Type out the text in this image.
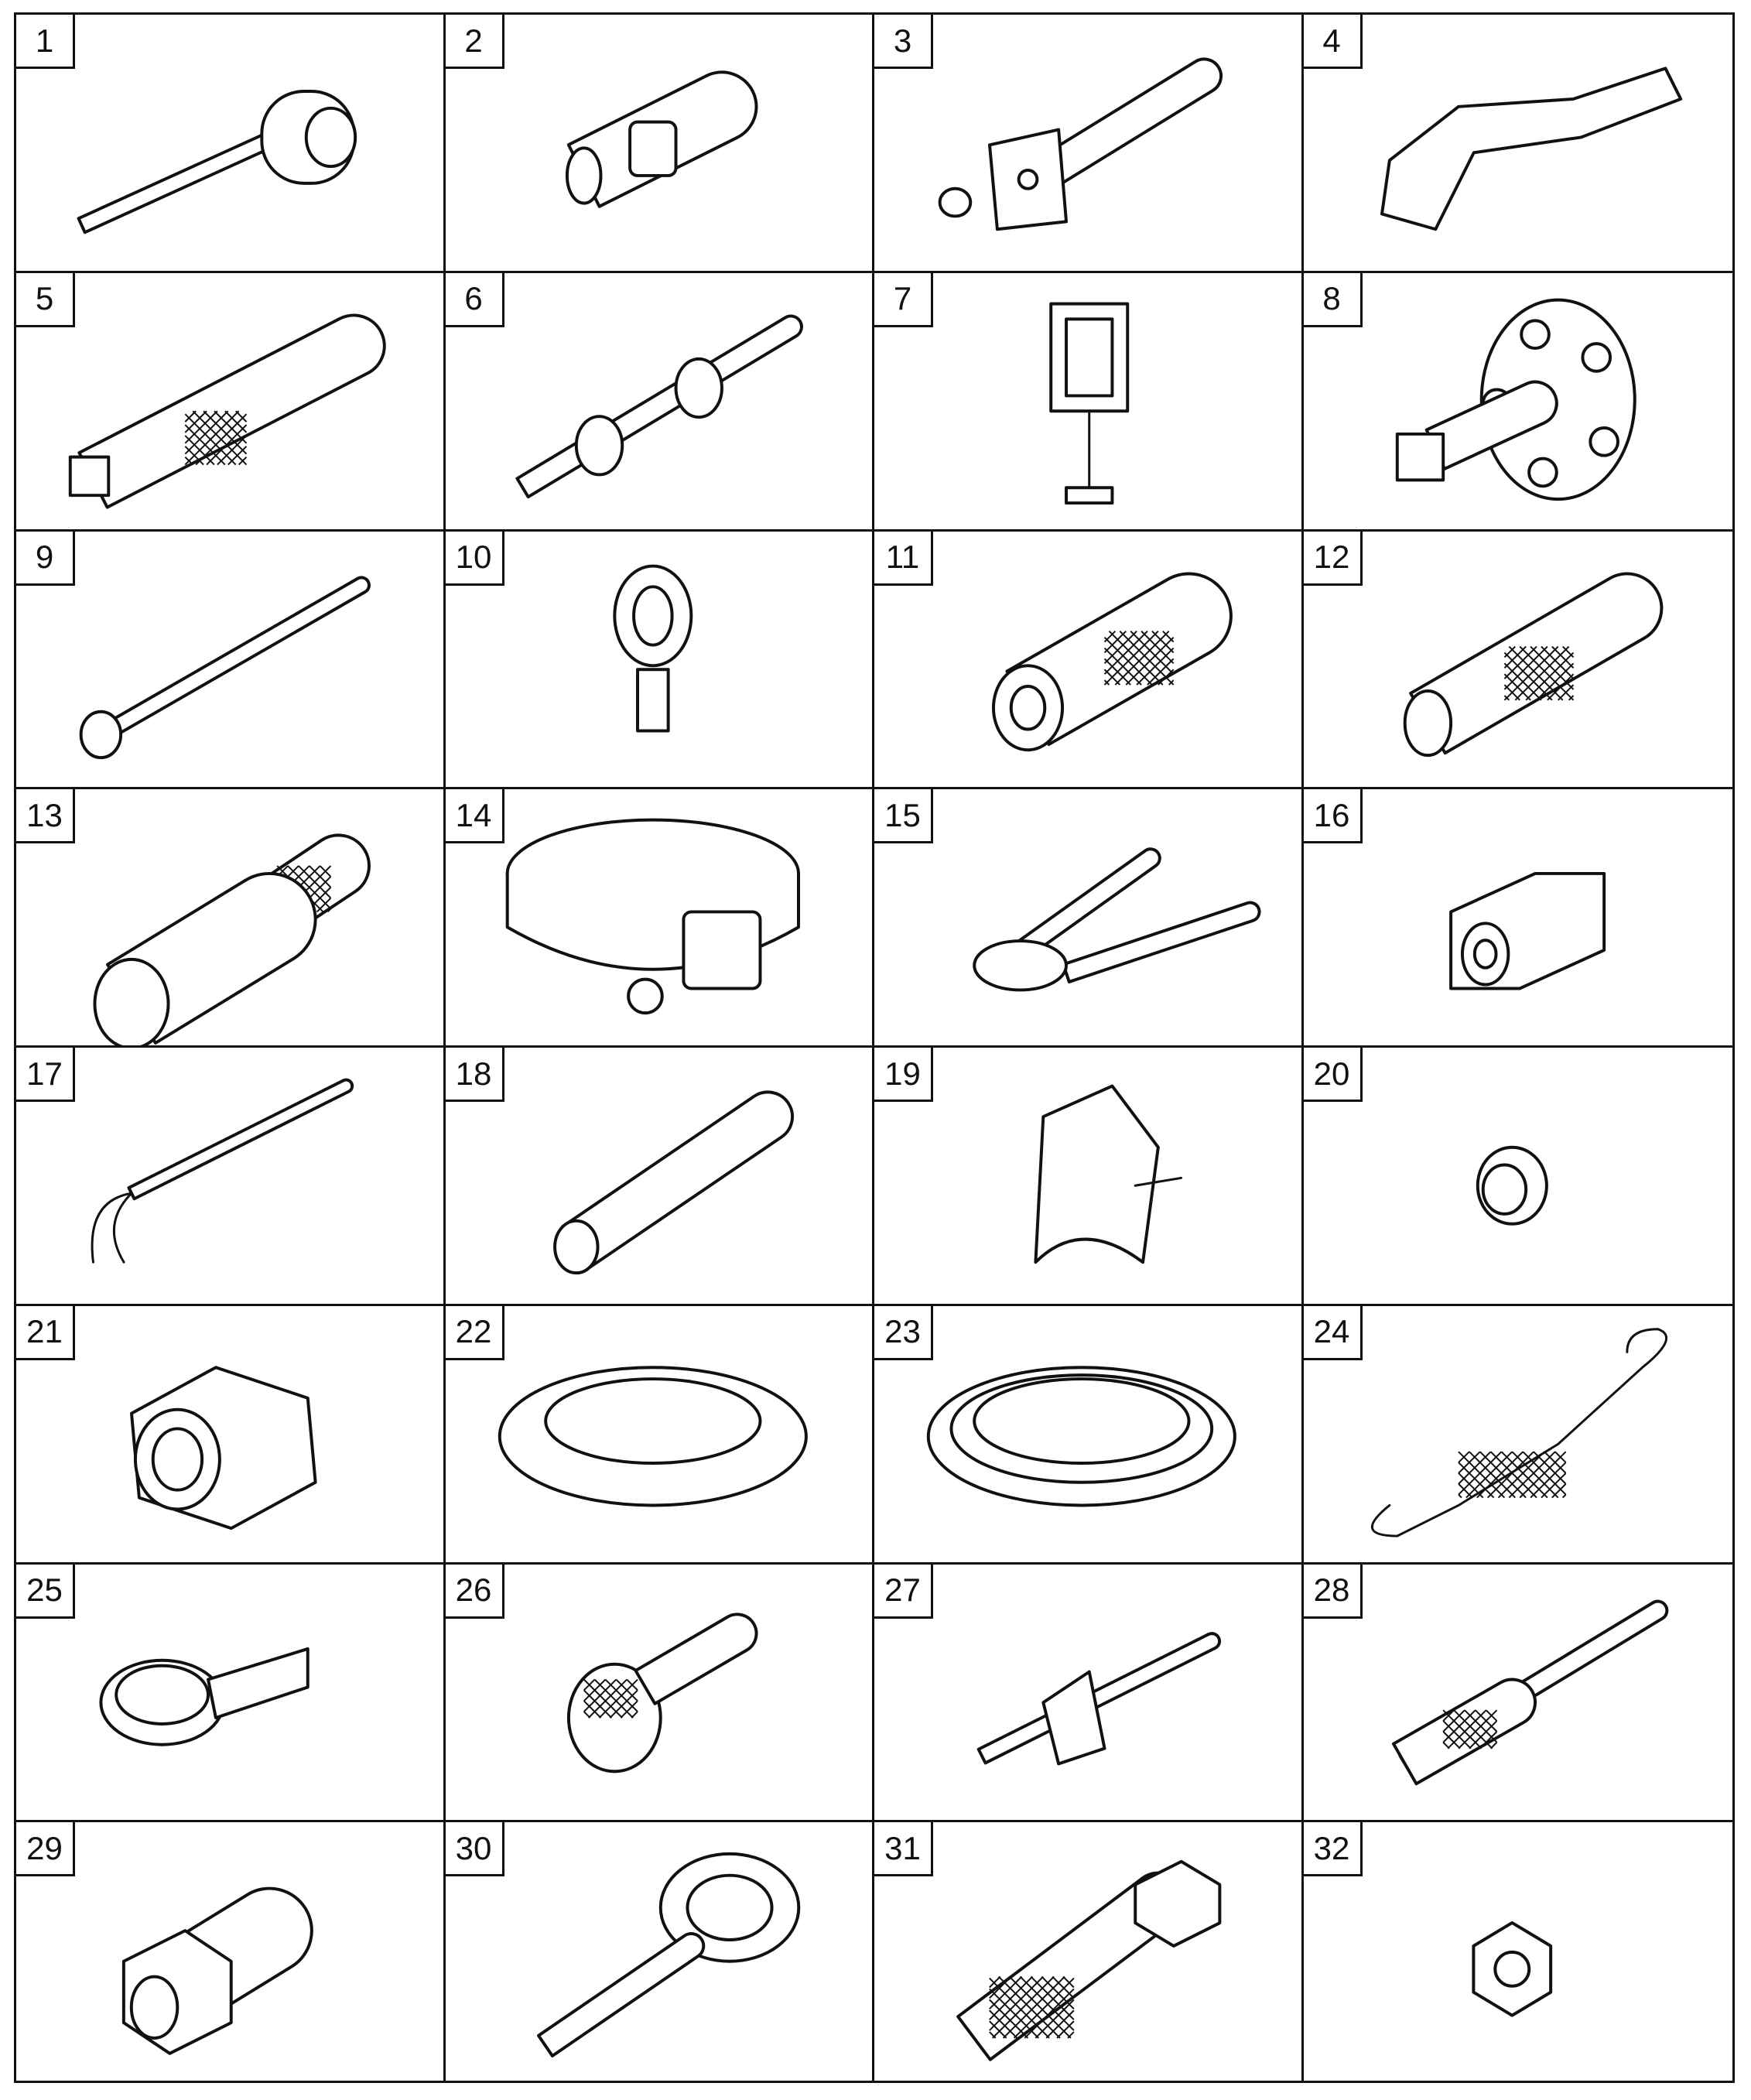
1	2	3	4
5	6	7	8
9	10	11	12
13	14	15	16
17	18	19	20
21	22	23	24
25	26	27	28
29	30	31	32
